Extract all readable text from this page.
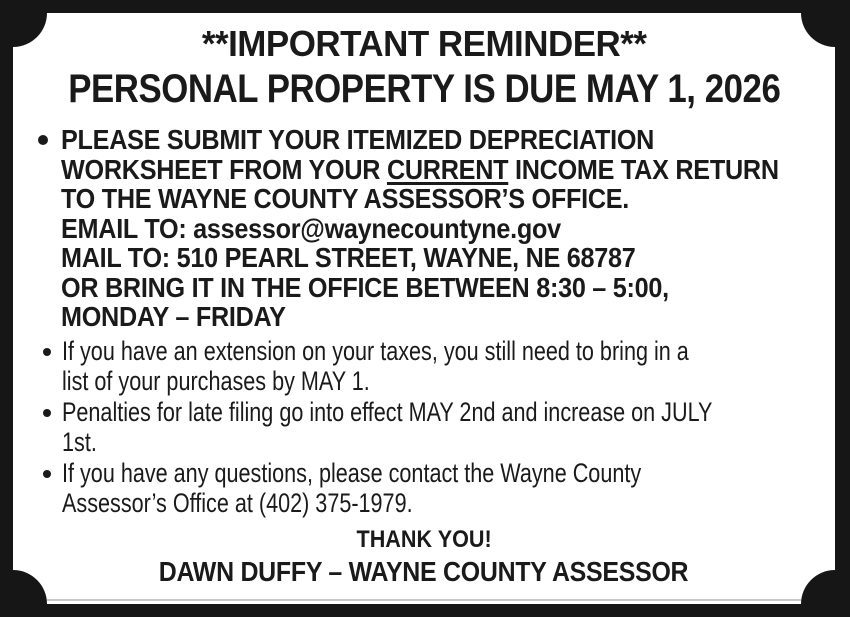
**IMPORTANT REMINDER**
PERSONAL PROPERTY IS DUE MAY 1, 2026
PLEASE SUBMIT YOUR ITEMIZED DEPRECIATION
WORKSHEET FROM YOUR CURRENT INCOME TAX RETURN
TO THE WAYNE COUNTY ASSESSOR’S OFFICE.
EMAIL TO: assessor@waynecountyne.gov
MAIL TO: 510 PEARL STREET, WAYNE, NE 68787
OR BRING IT IN THE OFFICE BETWEEN 8:30 – 5:00,
MONDAY – FRIDAY
If you have an extension on your taxes, you still need to bring in a
list of your purchases by MAY 1.
Penalties for late filing go into effect MAY 2nd and increase on JULY
1st.
If you have any questions, please contact the Wayne County
Assessor’s Office at (402) 375-1979.
THANK YOU!
DAWN DUFFY – WAYNE COUNTY ASSESSOR
